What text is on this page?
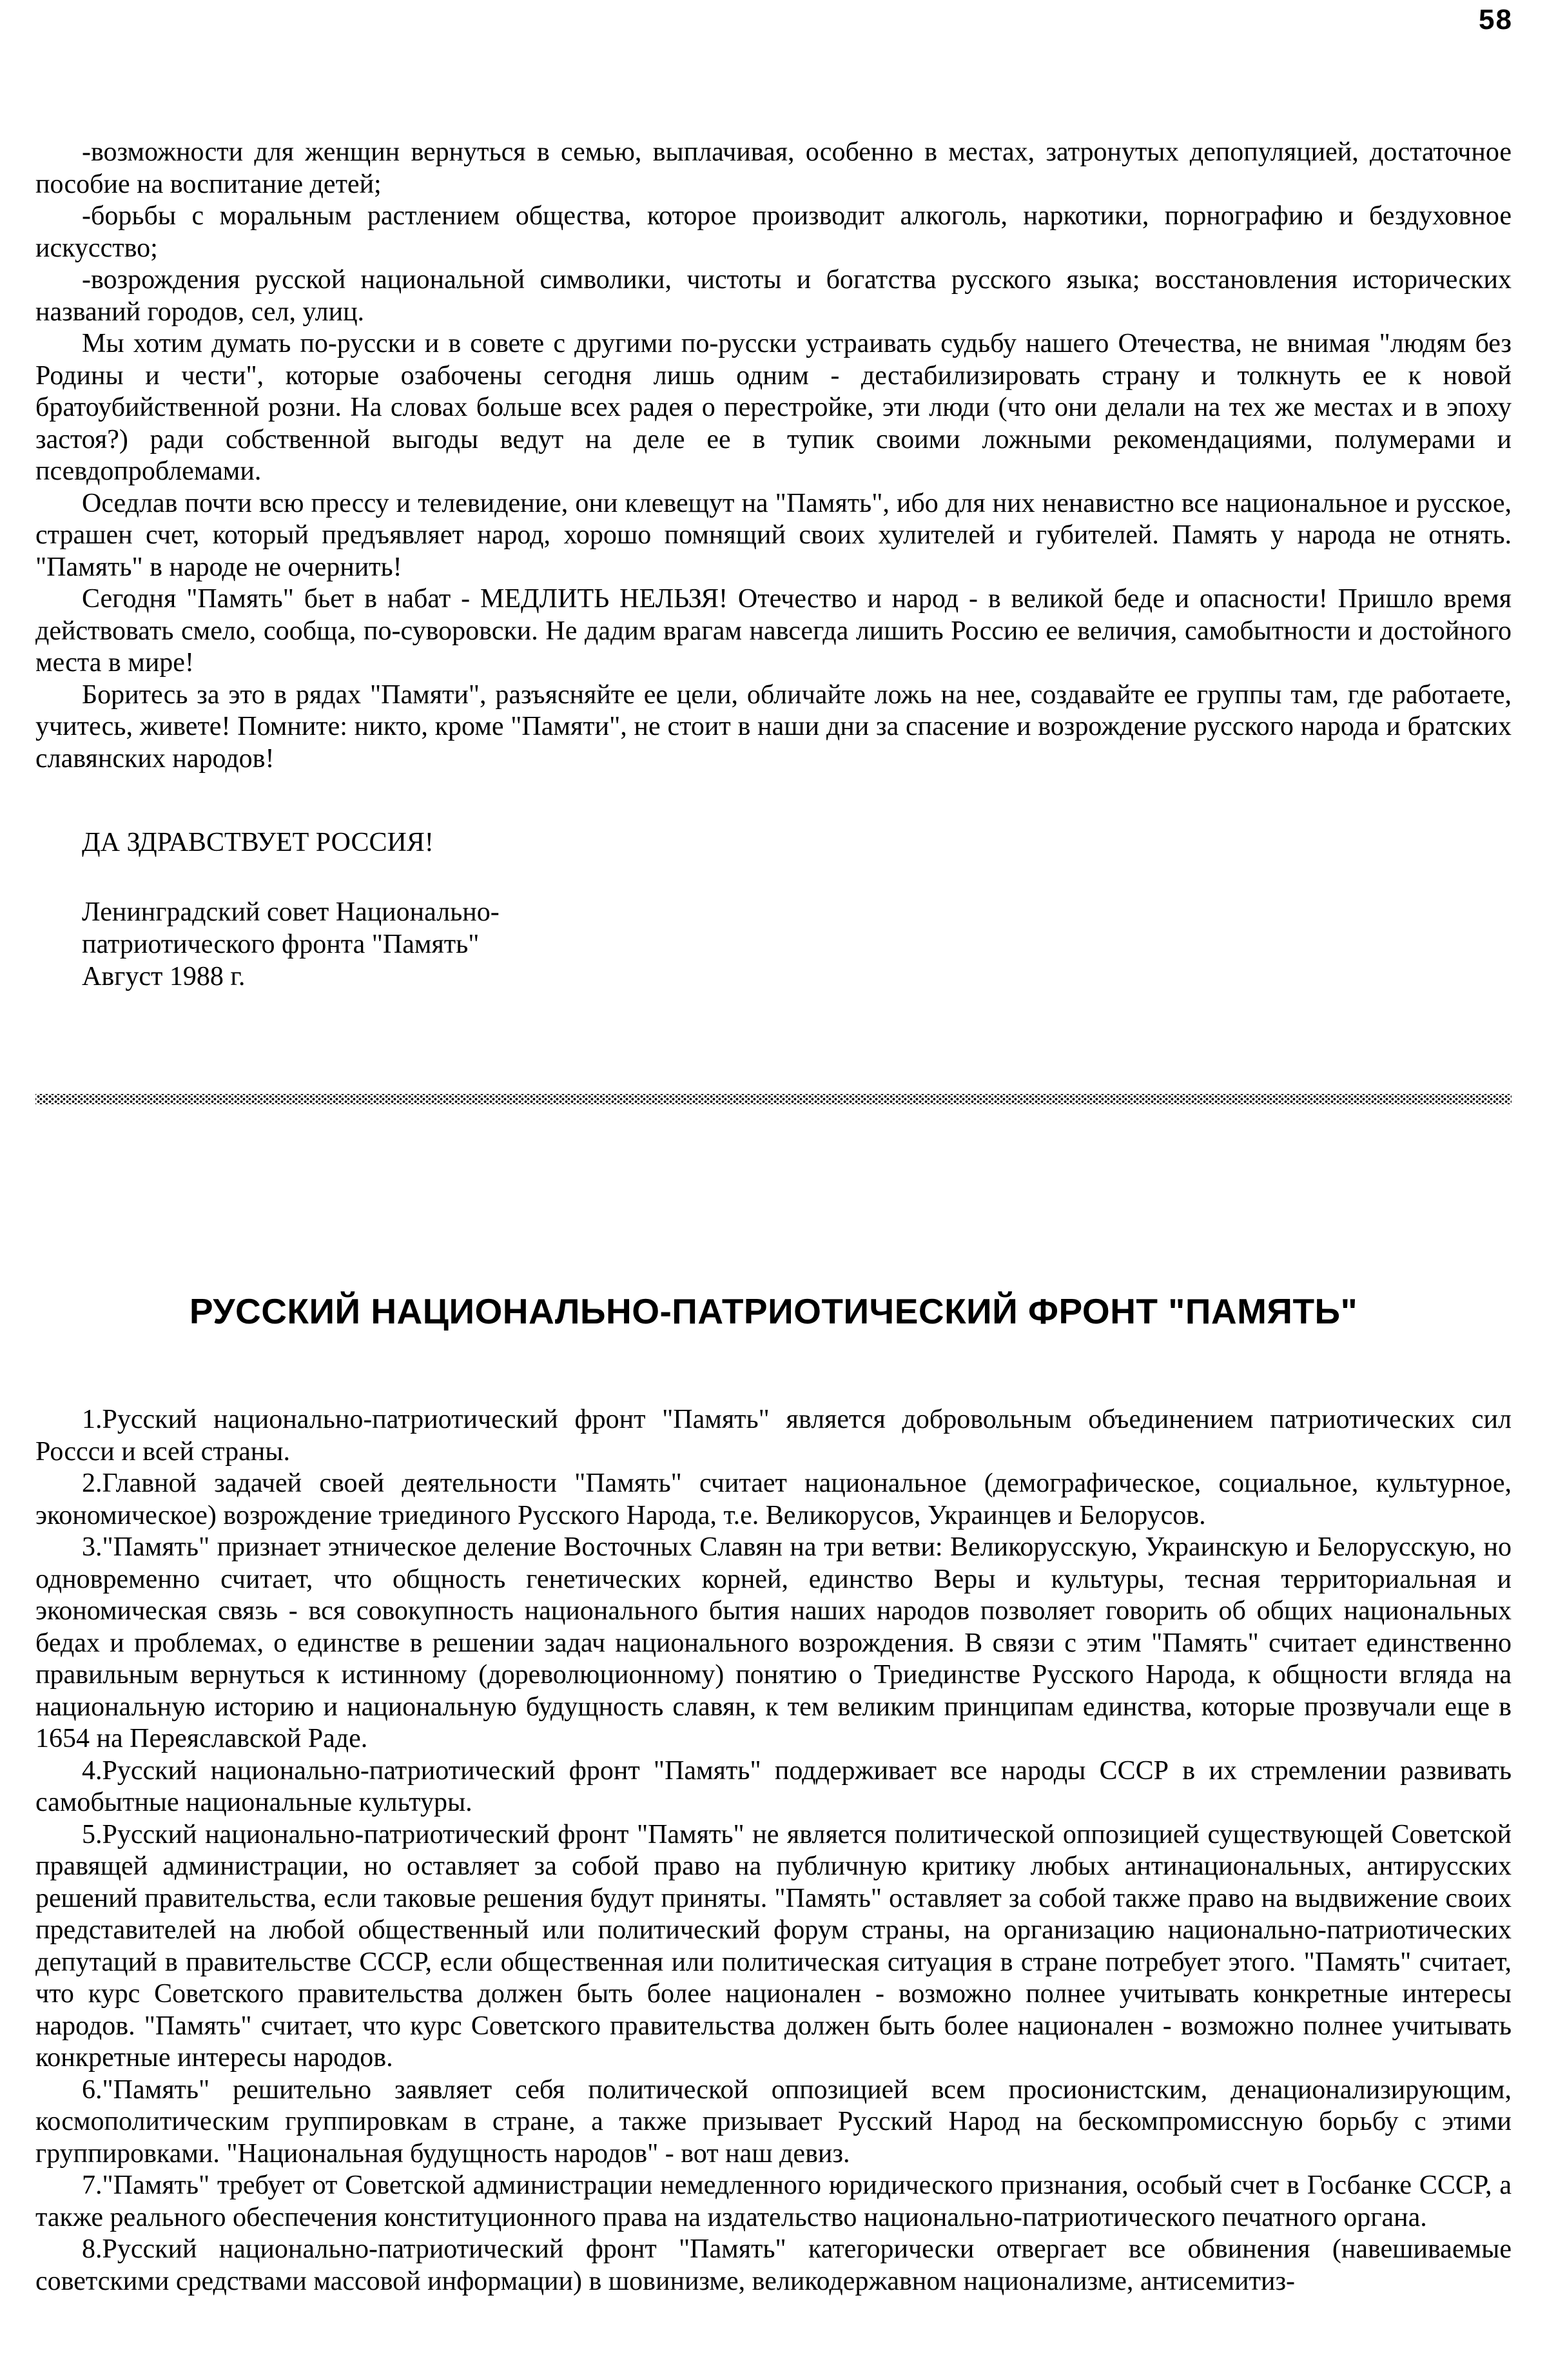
58

-возможности для женщин вернуться в семью, выплачивая, особенно в местах, затронутых депопуляцией, достаточное пособие на воспитание детей;

-борьбы с моральным растлением общества, которое производит алкоголь, наркотики, порнографию и бездуховное искусство;

-возрождения русской национальной символики, чистоты и богатства русского языка; восстановления исторических названий городов, сел, улиц.

Мы хотим думать по-русски и в совете с другими по-русски устраивать судьбу нашего Отечества, не внимая "людям без Родины и чести", которые озабочены сегодня лишь одним - дестабилизировать страну и толкнуть ее к новой братоубийственной розни. На словах больше всех радея о перестройке, эти люди (что они делали на тех же местах и в эпоху застоя?) ради собственной выгоды ведут на деле ее в тупик своими ложными рекомендациями, полумерами и псевдопроблемами.

Оседлав почти всю прессу и телевидение, они клевещут на "Память", ибо для них ненавистно все национальное и русское, страшен счет, который предъявляет народ, хорошо помнящий своих хулителей и губителей. Память у народа не отнять. "Память" в народе не очернить!

Сегодня "Память" бьет в набат - МЕДЛИТЬ НЕЛЬЗЯ! Отечество и народ - в великой беде и опасности! Пришло время действовать смело, сообща, по-суворовски. Не дадим врагам навсегда лишить Россию ее величия, самобытности и достойного места в мире!

Боритесь за это в рядах "Памяти", разъясняйте ее цели, обличайте ложь на нее, создавайте ее группы там, где работаете, учитесь, живете! Помните: никто, кроме "Памяти", не стоит в наши дни за спасение и возрождение русского народа и братских славянских народов!

ДА ЗДРАВСТВУЕТ РОССИЯ!
Ленинградский совет Национально-
патриотического фронта "Память"
Август 1988 г.
РУССКИЙ НАЦИОНАЛЬНО-ПАТРИОТИЧЕСКИЙ ФРОНТ "ПАМЯТЬ"

1.Русский национально-патриотический фронт "Память" является добровольным объединением патриотических сил Россси и всей страны.

2.Главной задачей своей деятельности "Память" считает национальное (демографическое, социальное, культурное, экономическое) возрождение триединого Русского Народа, т.е. Великорусов, Украинцев и Белорусов.

3."Память" признает этническое деление Восточных Славян на три ветви: Великорусскую, Украинскую и Белорусскую, но одновременно считает, что общность генетических корней, единство Веры и культуры, тесная территориальная и экономическая связь - вся совокупность национального бытия наших народов позволяет говорить об общих национальных бедах и проблемах, о единстве в решении задач национального возрождения. В связи с этим "Память" считает единственно правильным вернуться к истинному (дореволюционному) понятию о Триединстве Русского Народа, к общности вгляда на национальную историю и национальную будущность славян, к тем великим принципам единства, которые прозвучали еще в 1654 на Переяславской Раде.

4.Русский национально-патриотический фронт "Память" поддерживает все народы СССР в их стремлении развивать самобытные национальные культуры.

5.Русский национально-патриотический фронт "Память" не является политической оппозицией существующей Советской правящей администрации, но оставляет за собой право на публичную критику любых антинациональных, антирусских решений правительства, если таковые решения будут приняты. "Память" оставляет за собой также право на выдвижение своих представителей на любой общественный или политический форум страны, на организацию национально-патриотических депутаций в правительстве СССР, если общественная или политическая ситуация в стране потребует этого. "Память" считает, что курс Советского правительства должен быть более национален - возможно полнее учитывать конкретные интересы народов. "Память" считает, что курс Советского правительства должен быть более национален - возможно полнее учитывать конкретные интересы народов.

6."Память" решительно заявляет себя политической оппозицией всем просионистским, денационализирующим, космополитическим группировкам в стране, а также призывает Русский Народ на бескомпромиссную борьбу с этими группировками. "Национальная будущность народов" - вот наш девиз.

7."Память" требует от Советской администрации немедленного юридического признания, особый счет в Госбанке СССР, а также реального обеспечения конституционного права на издательство национально-патриотического печатного органа.

8.Русский национально-патриотический фронт "Память" категорически отвергает все обвинения (навешиваемые советскими средствами массовой информации) в шовинизме, великодержавном национализме, антисемитиз-
